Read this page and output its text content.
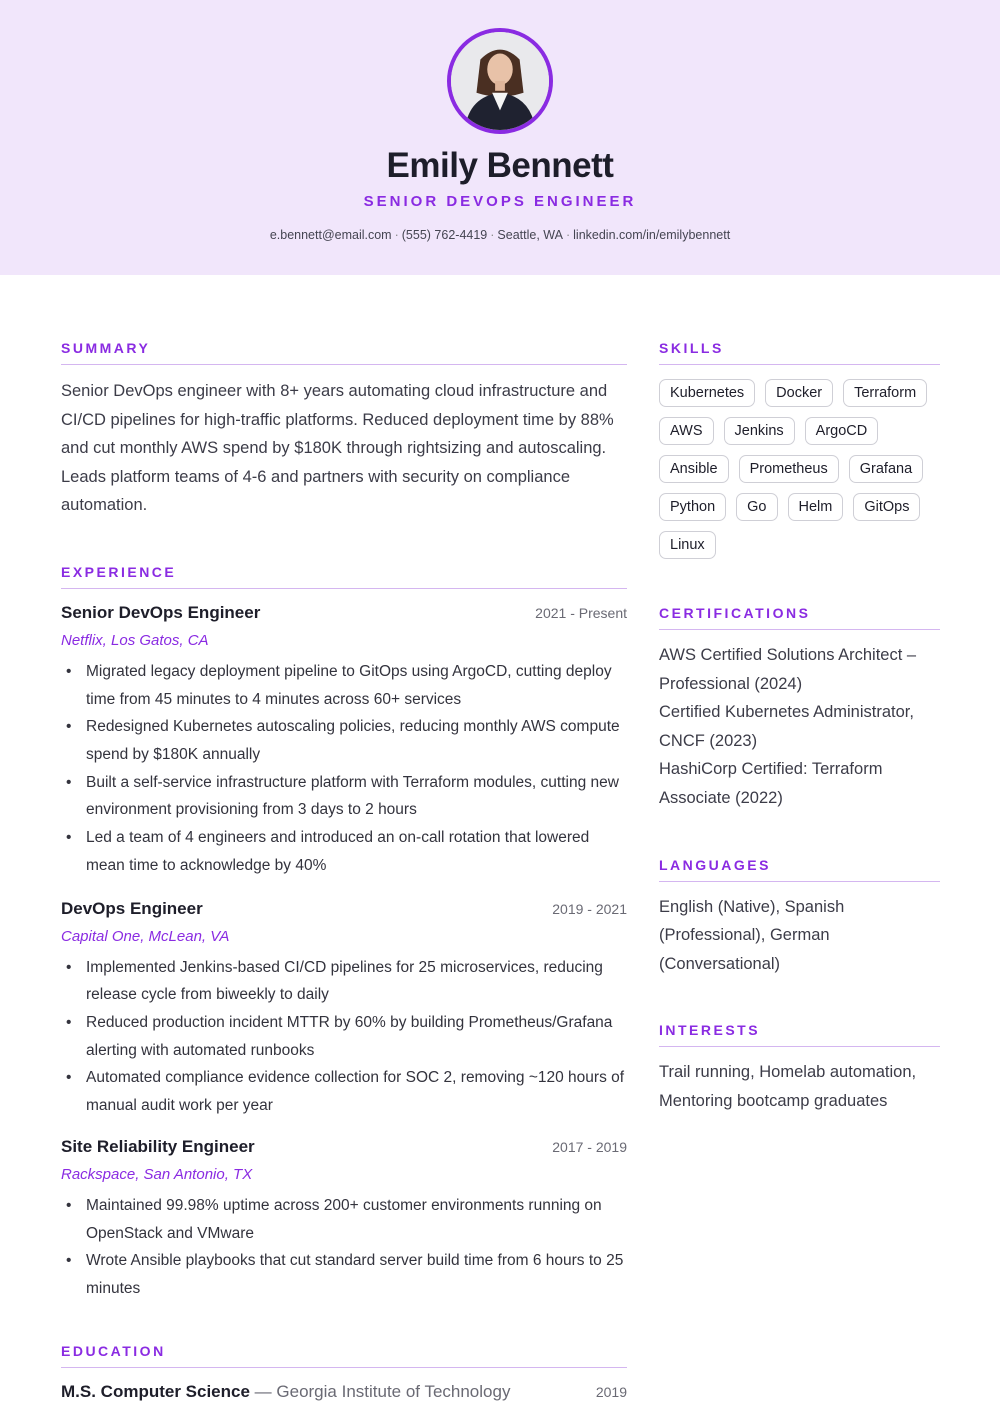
Emily Bennett
SENIOR DEVOPS ENGINEER
e.bennett@email.com · (555) 762-4419 · Seattle, WA · linkedin.com/in/emilybennett
SUMMARY

Senior DevOps engineer with 8+ years automating cloud infrastructure and CI/CD pipelines for high-traffic platforms. Reduced deployment time by 88% and cut monthly AWS spend by $180K through rightsizing and autoscaling. Leads platform teams of 4-6 and partners with security on compliance automation.

EXPERIENCE
Senior DevOps Engineer	2021 - Present
Netflix, Los Gatos, CA
• Migrated legacy deployment pipeline to GitOps using ArgoCD, cutting deploy time from 45 minutes to 4 minutes across 60+ services
• Redesigned Kubernetes autoscaling policies, reducing monthly AWS compute spend by $180K annually
• Built a self-service infrastructure platform with Terraform modules, cutting new environment provisioning from 3 days to 2 hours
• Led a team of 4 engineers and introduced an on-call rotation that lowered mean time to acknowledge by 40%
DevOps Engineer	2019 - 2021
Capital One, McLean, VA
• Implemented Jenkins-based CI/CD pipelines for 25 microservices, reducing release cycle from biweekly to daily
• Reduced production incident MTTR by 60% by building Prometheus/Grafana alerting with automated runbooks
• Automated compliance evidence collection for SOC 2, removing ~120 hours of manual audit work per year
Site Reliability Engineer	2017 - 2019
Rackspace, San Antonio, TX
• Maintained 99.98% uptime across 200+ customer environments running on OpenStack and VMware
• Wrote Ansible playbooks that cut standard server build time from 6 hours to 25 minutes
EDUCATION
M.S. Computer Science — Georgia Institute of Technology	2019
SKILLS
Kubernetes	Docker	Terraform
AWS	Jenkins	ArgoCD
Ansible	Prometheus	Grafana
Python	Go	Helm	GitOps
Linux
CERTIFICATIONS
AWS Certified Solutions Architect – Professional (2024)
Certified Kubernetes Administrator, CNCF (2023)
HashiCorp Certified: Terraform Associate (2022)
LANGUAGES
English (Native), Spanish (Professional), German (Conversational)
INTERESTS
Trail running, Homelab automation, Mentoring bootcamp graduates
